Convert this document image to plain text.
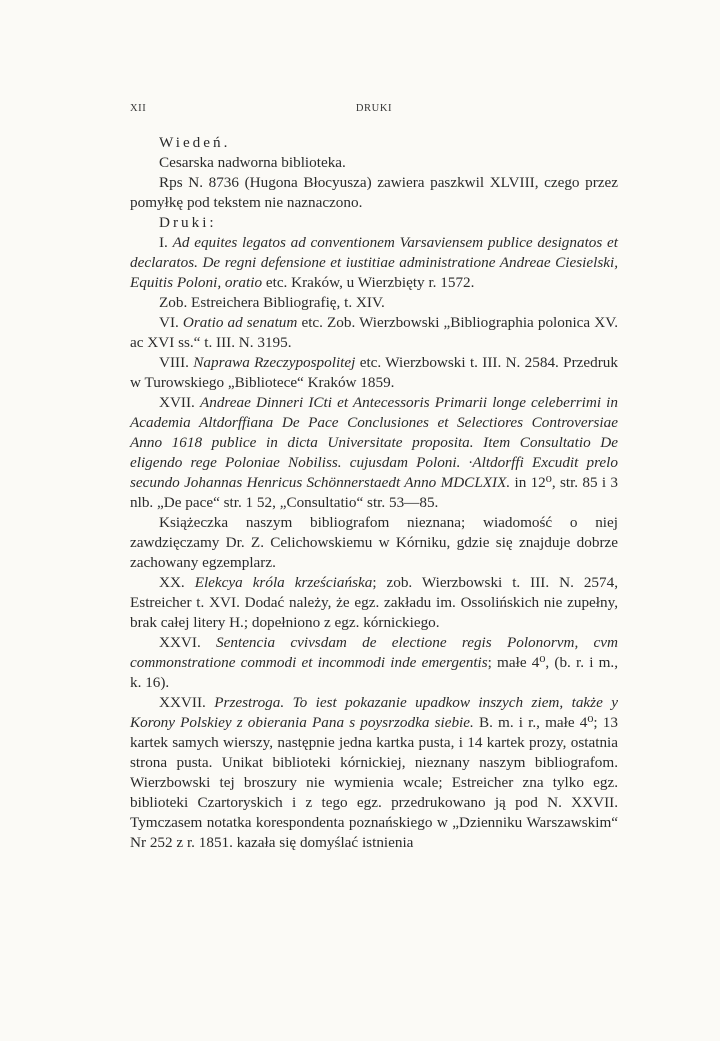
XII	DRUKI

Wiedeń.

Cesarska nadworna biblioteka.

Rps N. 8736 (Hugona Błocyusza) zawiera paszkwil XLVIII, czego przez pomyłkę pod tekstem nie naznaczono.

Druki:

I. Ad equites legatos ad conventionem Varsaviensem publice designatos et declaratos. De regni defensione et iustitiae administratione Andreae Ciesielski, Equitis Poloni, oratio etc. Kraków, u Wierzbięty r. 1572.

Zob. Estreichera Bibliografię, t. XIV.

VI. Oratio ad senatum etc. Zob. Wierzbowski „Bibliographia polonica XV. ac XVI ss.“ t. III. N. 3195.

VIII. Naprawa Rzeczypospolitej etc. Wierzbowski t. III. N. 2584. Przedruk w Turowskiego „Bibliotece“ Kraków 1859.

XVII. Andreae Dinneri ICti et Antecessoris Primarii longe celeberrimi in Academia Altdorffiana De Pace Conclusiones et Selectiores Controversiae Anno 1618 publice in dicta Universitate proposita. Item Consultatio De eligendo rege Poloniae Nobiliss. cujusdam Poloni. ·Altdorffi Excudit prelo secundo Johannas Henricus Schönnerstaedt Anno MDCLXIX. in 12⁰, str. 85 i 3 nlb. „De pace“ str. 1 52, „Consultatio“ str. 53—85.

Książeczka naszym bibliografom nieznana; wiadomość o niej zawdzięczamy Dr. Z. Celichowskiemu w Kórniku, gdzie się znajduje dobrze zachowany egzemplarz.

XX. Elekcya króla krześciańska; zob. Wierzbowski t. III. N. 2574, Estreicher t. XVI. Dodać należy, że egz. zakładu im. Ossolińskich nie zupełny, brak całej litery H.; dopełniono z egz. kórnickiego.

XXVI. Sentencia cvivsdam de electione regis Polonorvm, cvm commonstratione commodi et incommodi inde emergentis; małe 4⁰, (b. r. i m., k. 16).

XXVII. Przestroga. To iest pokazanie upadkow inszych ziem, także y Korony Polskiey z obierania Pana s poysrzodka siebie. B. m. i r., małe 4⁰; 13 kartek samych wierszy, następnie jedna kartka pusta, i 14 kartek prozy, ostatnia strona pusta. Unikat biblioteki kórnickiej, nieznany naszym bibliografom. Wierzbowski tej broszury nie wymienia wcale; Estreicher zna tylko egz. biblioteki Czartoryskich i z tego egz. przedrukowano ją pod N. XXVII. Tymczasem notatka korespondenta poznańskiego w „Dzienniku Warszawskim“ Nr 252 z r. 1851. kazała się domyślać istnienia
